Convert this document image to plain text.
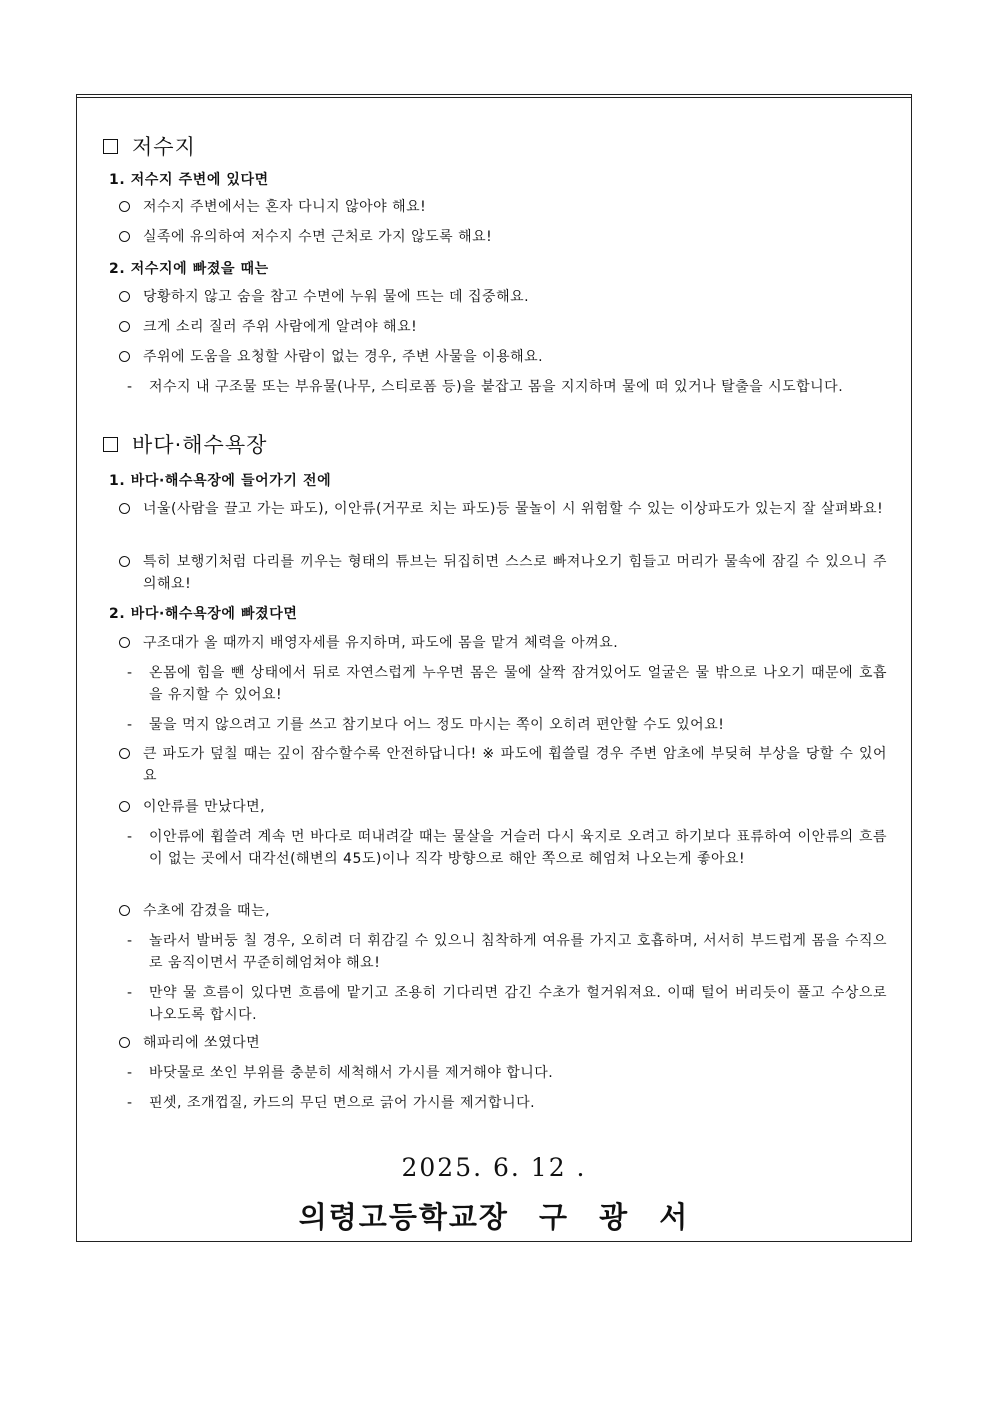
저수지
1. 저수지 주변에 있다면
저수지 주변에서는 혼자 다니지 않아야 해요!
실족에 유의하여 저수지 수면 근처로 가지 않도록 해요!
2. 저수지에 빠졌을 때는
당황하지 않고 숨을 참고 수면에 누워 물에 뜨는 데 집중해요.
크게 소리 질러 주위 사람에게 알려야 해요!
주위에 도움을 요청할 사람이 없는 경우, 주변 사물을 이용해요.
-	저수지 내 구조물 또는 부유물(나무, 스티로폼 등)을 붙잡고 몸을 지지하며 물에 떠 있거나 탈출을 시도합니다.
바다·해수욕장
1. 바다·해수욕장에 들어가기 전에
너울(사람을 끌고 가는 파도), 이안류(거꾸로 치는 파도)등 물놀이 시 위험할 수 있는 이상파도가 있는지 잘 살펴봐요!
특히 보행기처럼 다리를 끼우는 형태의 튜브는 뒤집히면 스스로 빠져나오기 힘들고 머리가 물속에 잠길 수 있으니 주의해요!
2. 바다·해수욕장에 빠졌다면
구조대가 올 때까지 배영자세를 유지하며, 파도에 몸을 맡겨 체력을 아껴요.
-	온몸에 힘을 뺀 상태에서 뒤로 자연스럽게 누우면 몸은 물에 살짝 잠겨있어도 얼굴은 물 밖으로 나오기 때문에 호흡을 유지할 수 있어요!
-	물을 먹지 않으려고 기를 쓰고 참기보다 어느 정도 마시는 쪽이 오히려 편안할 수도 있어요!
큰 파도가 덮칠 때는 깊이 잠수할수록 안전하답니다! ※ 파도에 휩쓸릴 경우 주변 암초에 부딪혀 부상을 당할 수 있어요
이안류를 만났다면,
-	이안류에 휩쓸려 계속 먼 바다로 떠내려갈 때는 물살을 거슬러 다시 육지로 오려고 하기보다 표류하여 이안류의 흐름이 없는 곳에서 대각선(해변의 45도)이나 직각 방향으로 해안 쪽으로 헤엄쳐 나오는게 좋아요!
수초에 감겼을 때는,
-	놀라서 발버둥 칠 경우, 오히려 더 휘감길 수 있으니 침착하게 여유를 가지고 호흡하며, 서서히 부드럽게 몸을 수직으로 움직이면서 꾸준히헤엄쳐야 해요!
-	만약 물 흐름이 있다면 흐름에 맡기고 조용히 기다리면 감긴 수초가 헐거워져요. 이때 털어 버리듯이 풀고 수상으로 나오도록 합시다.
해파리에 쏘였다면
-	바닷물로 쏘인 부위를 충분히 세척해서 가시를 제거해야 합니다.
-	핀셋, 조개껍질, 카드의 무딘 면으로 긁어 가시를 제거합니다.
2025. 6. 12 .
의령고등학교장 구 광 서
